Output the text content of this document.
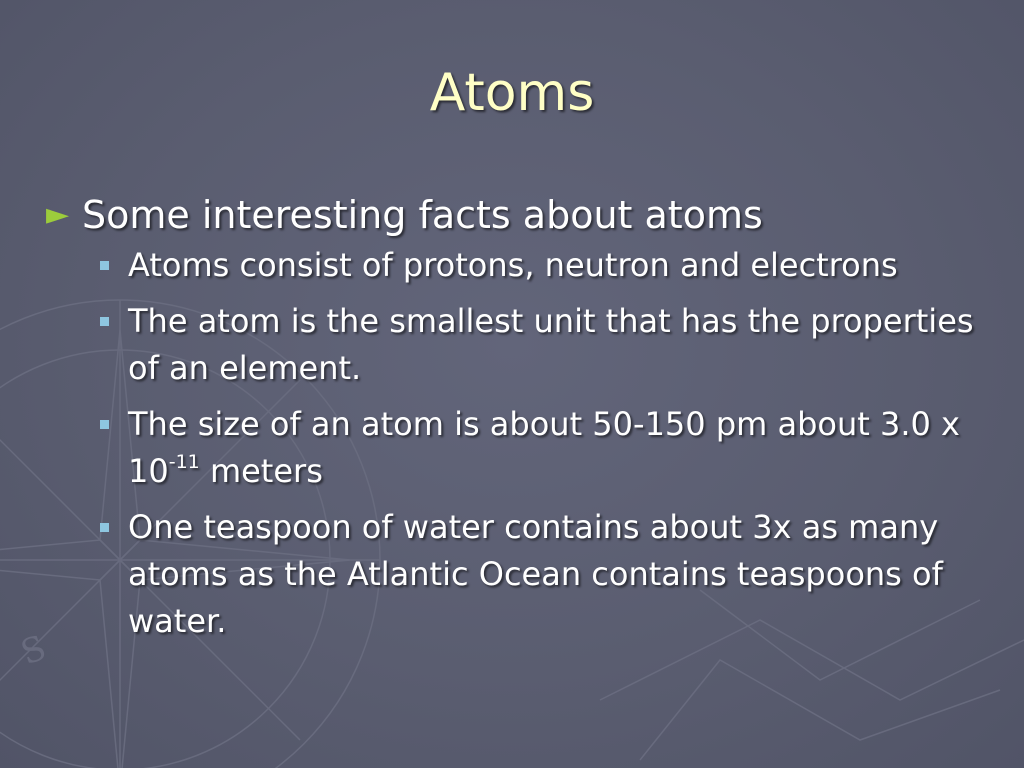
S
Atoms
► Some interesting facts about atoms
Atoms consist of protons, neutron and electrons
The atom is the smallest unit that has the properties of an element.
The size of an atom is about 50-150 pm about 3.0 x $10^{-11}$ meters
One teaspoon of water contains about 3x as many atoms as the Atlantic Ocean contains teaspoons of water.
